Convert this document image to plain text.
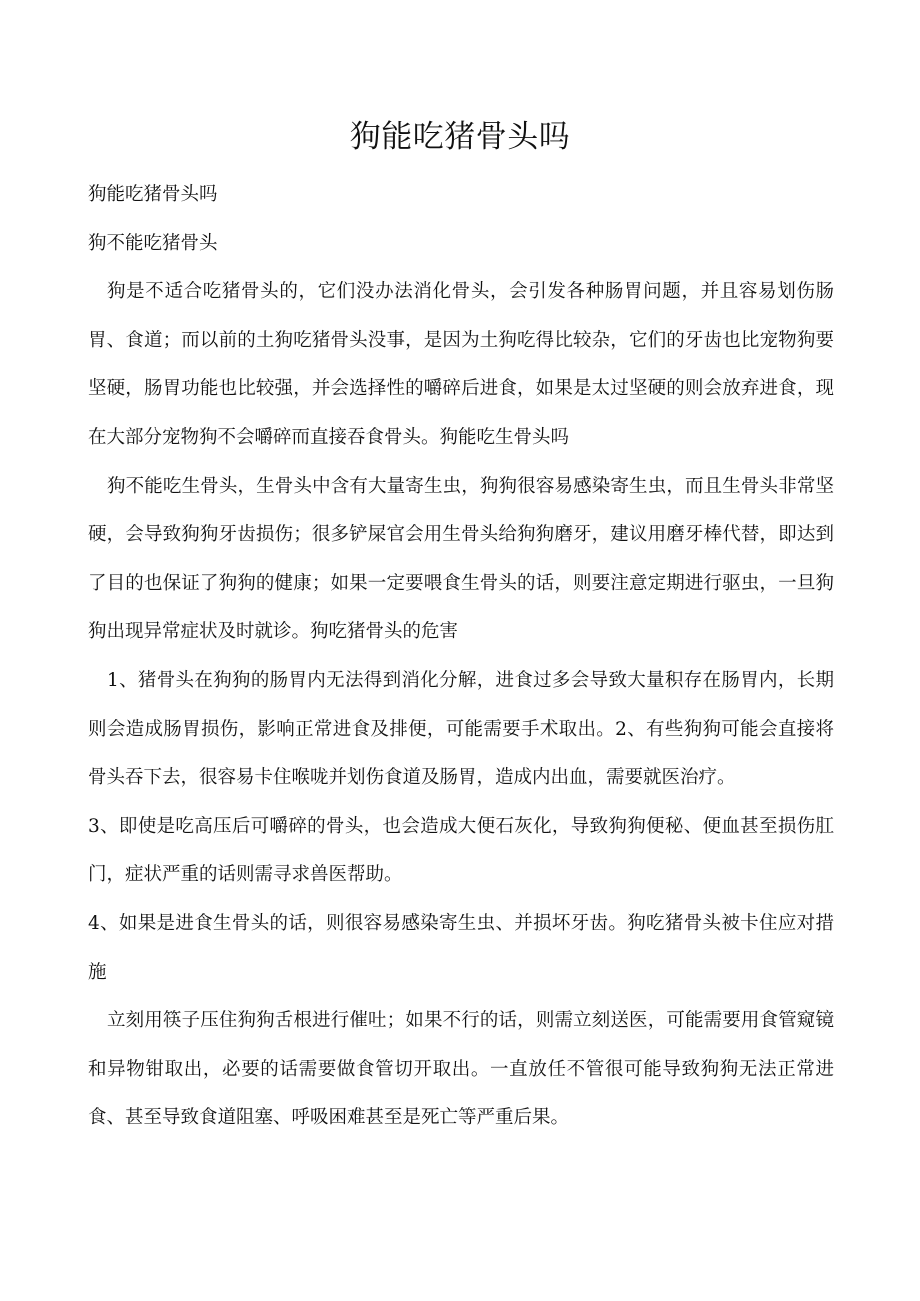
狗能吃猪骨头吗

狗能吃猪骨头吗

狗不能吃猪骨头

狗是不适合吃猪骨头的，它们没办法消化骨头，会引发各种肠胃问题，并且容易划伤肠胃、食道；而以前的土狗吃猪骨头没事，是因为土狗吃得比较杂，它们的牙齿也比宠物狗要坚硬，肠胃功能也比较强，并会选择性的嚼碎后进食，如果是太过坚硬的则会放弃进食，现在大部分宠物狗不会嚼碎而直接吞食骨头。狗能吃生骨头吗

狗不能吃生骨头，生骨头中含有大量寄生虫，狗狗很容易感染寄生虫，而且生骨头非常坚硬，会导致狗狗牙齿损伤；很多铲屎官会用生骨头给狗狗磨牙，建议用磨牙棒代替，即达到了目的也保证了狗狗的健康；如果一定要喂食生骨头的话，则要注意定期进行驱虫，一旦狗狗出现异常症状及时就诊。狗吃猪骨头的危害

1、猪骨头在狗狗的肠胃内无法得到消化分解，进食过多会导致大量积存在肠胃内，长期则会造成肠胃损伤，影响正常进食及排便，可能需要手术取出。2、有些狗狗可能会直接将骨头吞下去，很容易卡住喉咙并划伤食道及肠胃，造成内出血，需要就医治疗。

3、即使是吃高压后可嚼碎的骨头，也会造成大便石灰化，导致狗狗便秘、便血甚至损伤肛门，症状严重的话则需寻求兽医帮助。

4、如果是进食生骨头的话，则很容易感染寄生虫、并损坏牙齿。狗吃猪骨头被卡住应对措施

立刻用筷子压住狗狗舌根进行催吐；如果不行的话，则需立刻送医，可能需要用食管窥镜和异物钳取出，必要的话需要做食管切开取出。一直放任不管很可能导致狗狗无法正常进食、甚至导致食道阻塞、呼吸困难甚至是死亡等严重后果。
